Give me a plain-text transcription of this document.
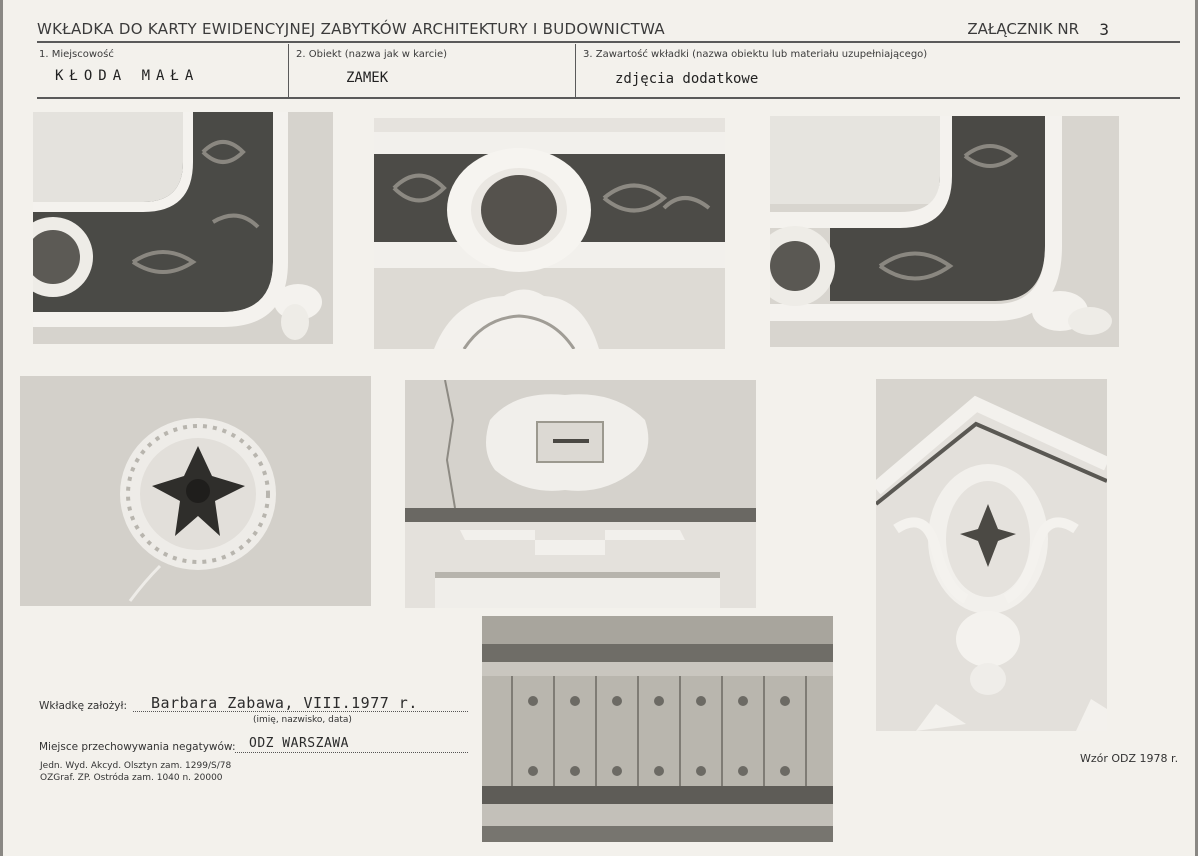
WKŁADKA DO KARTY EWIDENCYJNEJ ZABYTKÓW ARCHITEKTURY I BUDOWNICTWA	ZAŁĄCZNIK NR 3
1. Miejscowość
KŁODA MAŁA
2. Obiekt (nazwa jak w karcie)
ZAMEK
3. Zawartość wkładki (nazwa obiektu lub materiału uzupełniającego)
zdjęcia dodatkowe
Wkładkę założył: Barbara Zabawa, VIII.1977 r.
(imię, nazwisko, data)
Miejsce przechowywania negatywów: ODZ WARSZAWA
Jedn. Wyd. Akcyd. Olsztyn zam. 1299/S/78
OZGraf. ZP. Ostróda zam. 1040 n. 20000
Wzór ODZ 1978 r.
